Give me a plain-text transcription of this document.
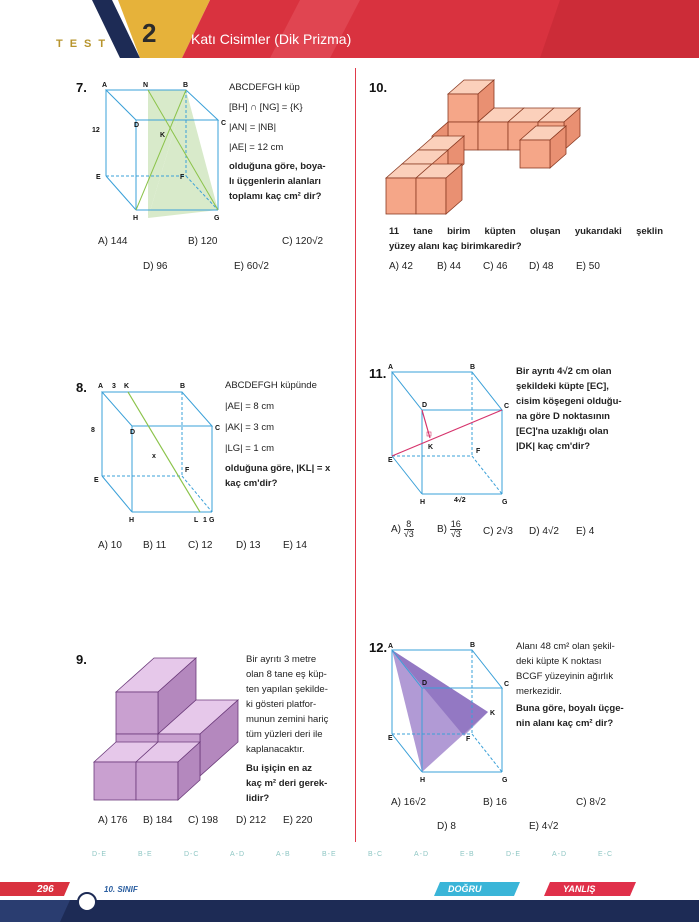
TEST 2 Katı Cisimler (Dik Prizma)
7. A	N	B
D	C
K
E	F
H	G
12
ABCDEFGH küp
[BH] ∩ [NG] = {K}
|AN| = |NB|
|AE| = 12 cm
olduğuna göre, boya-
lı üçgenlerin alanları
toplamı kaç cm² dir?
A) 144	B) 120	C) 120√2
D) 96	E) 60√2
10.
11 tane birim küpten oluşan yukarıdaki şeklin
yüzey alanı kaç birimkaredir?
A) 42 B) 44 C) 46 D) 48 E) 50
8. A 3 K	B
D
C
8
x
E
F
H	L 1 G
ABCDEFGH küpünde
|AE| = 8 cm
|AK| = 3 cm
|LG| = 1 cm
olduğuna göre, |KL| = x
kaç cm'dir?
A) 10 B) 11 C) 12 D) 13 E) 14
11. A	B
D	C
K
E
F
H	4√2	G
Bir ayrıtı 4√2 cm olan
şekildeki küpte [EC],
cisim köşegeni olduğu-
na göre D noktasının
[EC]'na uzaklığı olan
|DK| kaç cm'dir?
$A) \frac{8}{√3} B) \frac{16}{√3} C$) 2√3 D) 4√2 E) 4
9.	Bir ayrıtı 3 metre
olan 8 tane eş küp-
ten yapılan şekilde-
ki gösteri platfor-
munun zemini hariç
tüm yüzleri deri ile
kaplanacaktır.
Bu işiçin en az
kaç m² deri gerek-
lidir?
A) 176 B) 184 C) 198 D) 212 E) 220
12. A	B
D	C
K
E	F
H	G
Alanı 48 cm² olan şekil-
deki küpte K noktası
BCGF yüzeyinin ağırlık
merkezidir.
Buna göre, boyalı üçge-
nin alanı kaç cm² dir?
A) 16√2	B) 16	C) 8√2
D) 8	E) 4√2
D-E	B-E	D-C	A-D	A-B	B-E	B-C	A-D	E-B	D-E	A-D	E-C
296	10. SINIF	DOĞRU	YANLIŞ
